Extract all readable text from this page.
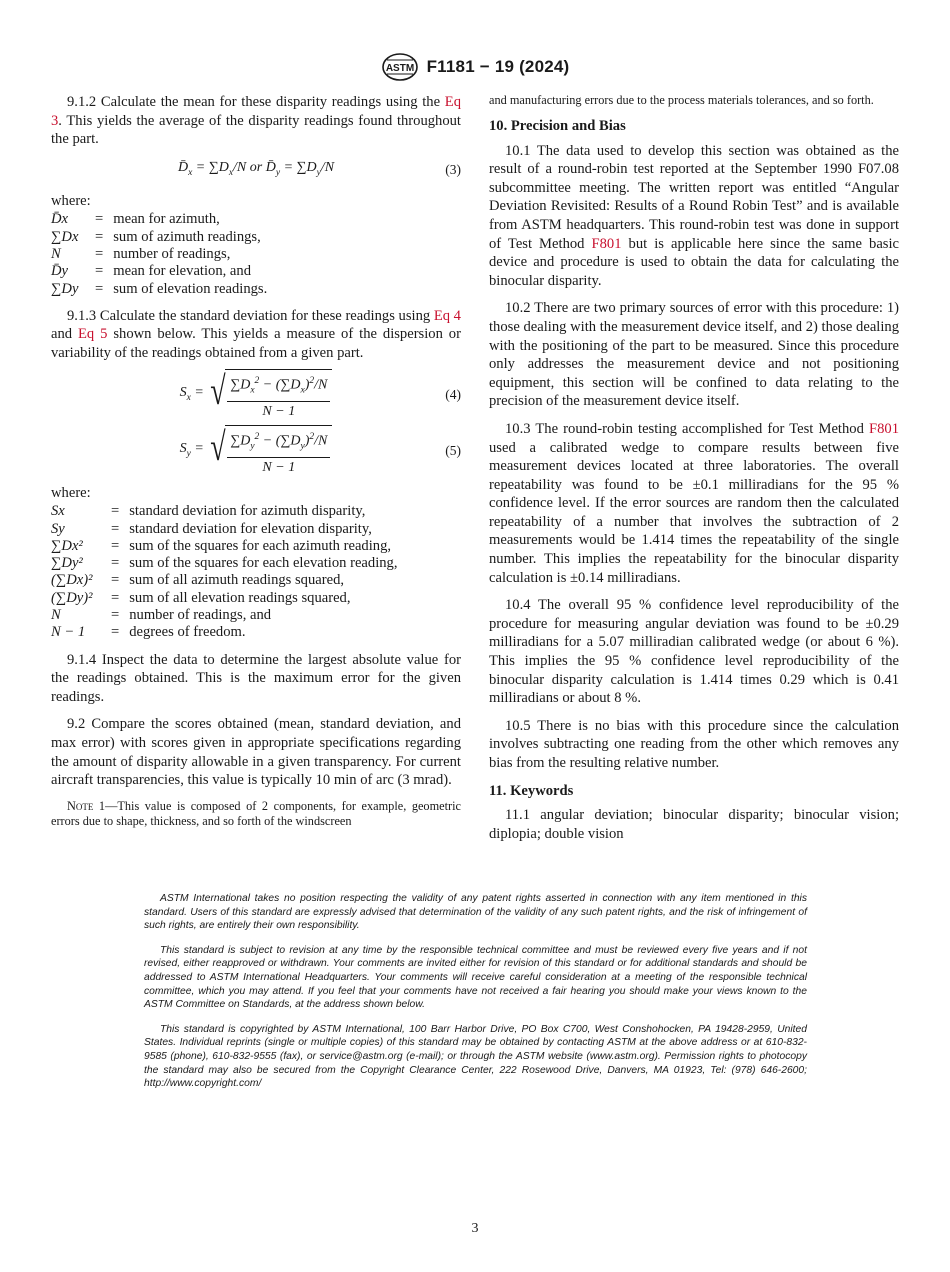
ASTM F1181 − 19 (2024)

9.1.2 Calculate the mean for these disparity readings using the Eq 3. This yields the average of the disparity readings found throughout the part.

$D̄_x = \sum D_x/N$ or $D̄_y = \sum D_y/N$	(3)
where:
D̄x	=	mean for azimuth,
∑Dx	=	sum of azimuth readings,
N	=	number of readings,
D̄y	=	mean for elevation, and
∑Dy	=	sum of elevation readings.

9.1.3 Calculate the standard deviation for these readings using Eq 4 and Eq 5 shown below. This yields a measure of the dispersion or variability of the readings obtained from a given part.

$S_x$ = √ $\frac{\sum D_x^2 - (\sum D_x)^2/N}{N - 1}$	(4)
$S_y$ = √ $\frac{\sum D_y^2 - (\sum D_y)^2/N}{N - 1}$	(5)
where:
Sx	=	standard deviation for azimuth disparity,
Sy	=	standard deviation for elevation disparity,
∑Dx²	=	sum of the squares for each azimuth reading,
∑Dy²	=	sum of the squares for each elevation reading,
(∑Dx)²	=	sum of all azimuth readings squared,
(∑Dy)²	=	sum of all elevation readings squared,
N	=	number of readings, and
N − 1	=	degrees of freedom.

9.1.4 Inspect the data to determine the largest absolute value for the readings obtained. This is the maximum error for the given readings.

9.2 Compare the scores obtained (mean, standard deviation, and max error) with scores given in appropriate specifications regarding the amount of disparity allowable in a given transparency. For current aircraft transparencies, this value is typically 10 min of arc (3 mrad).

Note 1—This value is composed of 2 components, for example, geometric errors due to shape, thickness, and so forth of the windscreen

and manufacturing errors due to the process materials tolerances, and so forth.

10. Precision and Bias

10.1 The data used to develop this section was obtained as the result of a round-robin test reported at the September 1990 F07.08 subcommittee meeting. The written report was entitled “Angular Deviation Revisited: Results of a Round Robin Test” and is available from ASTM headquarters. This round-robin test was done in support of Test Method F801 but is applicable here since the same basic device and procedure is used to obtain the data for calculating the binocular disparity.

10.2 There are two primary sources of error with this procedure: 1) those dealing with the measurement device itself, and 2) those dealing with the positioning of the part to be measured. Since this procedure only addresses the measurement device and not positioning equipment, this section will be confined to data relating to the precision of the measurement device itself.

10.3 The round-robin testing accomplished for Test Method F801 used a calibrated wedge to compare results between five measurement devices located at three laboratories. The overall repeatability was found to be ±0.1 milliradians for the 95 % confidence level. If the error sources are random then the calculated repeatability of a number that involves the subtraction of 2 measurements would be 1.414 times the repeatability of the single number. This implies the repeatability for the binocular disparity calculation is ±0.14 milliradians.

10.4 The overall 95 % confidence level reproducibility of the procedure for measuring angular deviation was found to be ±0.29 milliradians for a 5.07 milliradian calibrated wedge (or about 6 %). This implies the 95 % confidence level reproducibility of the binocular disparity calculation is 1.414 times 0.29 which is 0.41 milliradians or about 8 %.

10.5 There is no bias with this procedure since the calculation involves subtracting one reading from the other which removes any bias from the resulting relative number.

11. Keywords

11.1 angular deviation; binocular disparity; binocular vision; diplopia; double vision

ASTM International takes no position respecting the validity of any patent rights asserted in connection with any item mentioned in this standard. Users of this standard are expressly advised that determination of the validity of any such patent rights, and the risk of infringement of such rights, are entirely their own responsibility.

This standard is subject to revision at any time by the responsible technical committee and must be reviewed every five years and if not revised, either reapproved or withdrawn. Your comments are invited either for revision of this standard or for additional standards and should be addressed to ASTM International Headquarters. Your comments will receive careful consideration at a meeting of the responsible technical committee, which you may attend. If you feel that your comments have not received a fair hearing you should make your views known to the ASTM Committee on Standards, at the address shown below.

This standard is copyrighted by ASTM International, 100 Barr Harbor Drive, PO Box C700, West Conshohocken, PA 19428-2959, United States. Individual reprints (single or multiple copies) of this standard may be obtained by contacting ASTM at the above address or at 610-832-9585 (phone), 610-832-9555 (fax), or service@astm.org (e-mail); or through the ASTM website (www.astm.org). Permission rights to photocopy the standard may also be secured from the Copyright Clearance Center, 222 Rosewood Drive, Danvers, MA 01923, Tel: (978) 646-2600; http://www.copyright.com/

3
